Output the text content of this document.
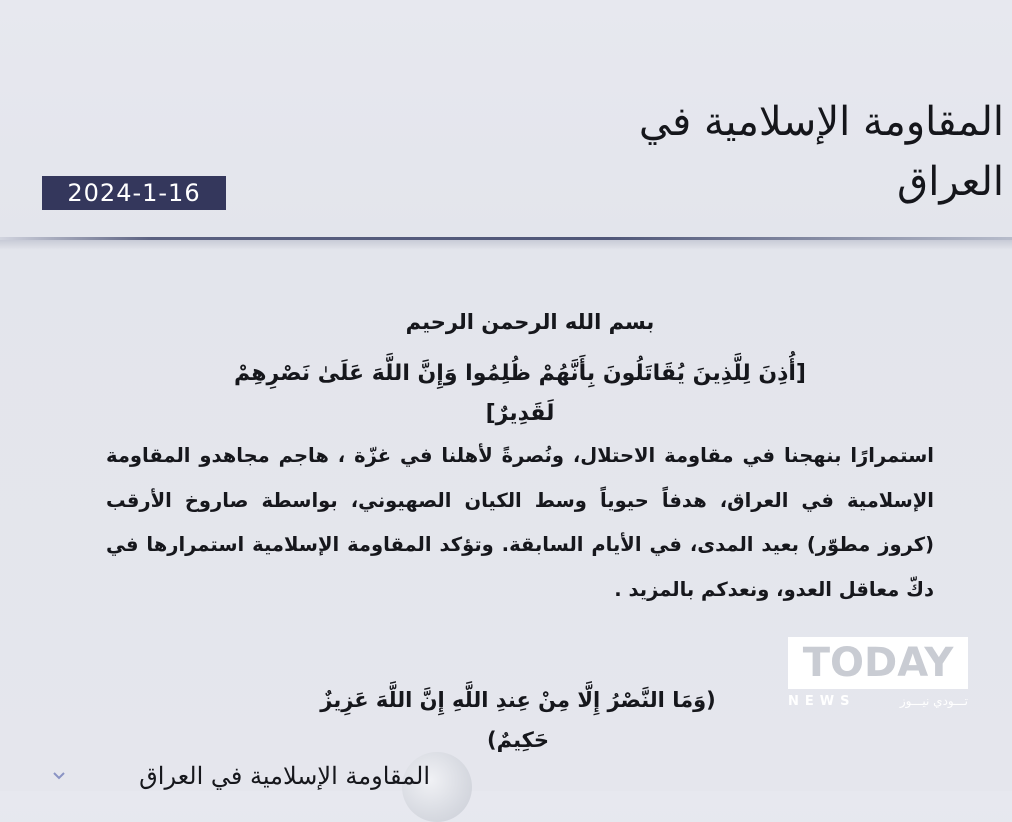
المقاومة الإسلامية في العراق
2024-1-16
بسم الله الرحمن الرحيم
[أُذِنَ لِلَّذِينَ يُقَاتَلُونَ بِأَنَّهُمْ ظُلِمُوا وَإِنَّ اللَّهَ عَلَىٰ نَصْرِهِمْ لَقَدِيرٌ]
استمرارًا بنهجنا في مقاومة الاحتلال، ونُصرةً لأهلنا في غزّة ، هاجم مجاهدو المقاومة الإسلامية في العراق، هدفاً حيوياً وسط الكيان الصهيوني، بواسطة صاروخ الأرقب (كروز مطوّر) بعيد المدى، في الأيام السابقة. وتؤكد المقاومة الإسلامية استمرارها في دكّ معاقل العدو، ونعدكم بالمزيد .
(وَمَا النَّصْرُ إِلَّا مِنْ عِندِ اللَّهِ إِنَّ اللَّهَ عَزِيزٌ حَكِيمٌ)
المقاومة الإسلامية في العراق
TODAY
NEWS	تـــودي نيـــوز
